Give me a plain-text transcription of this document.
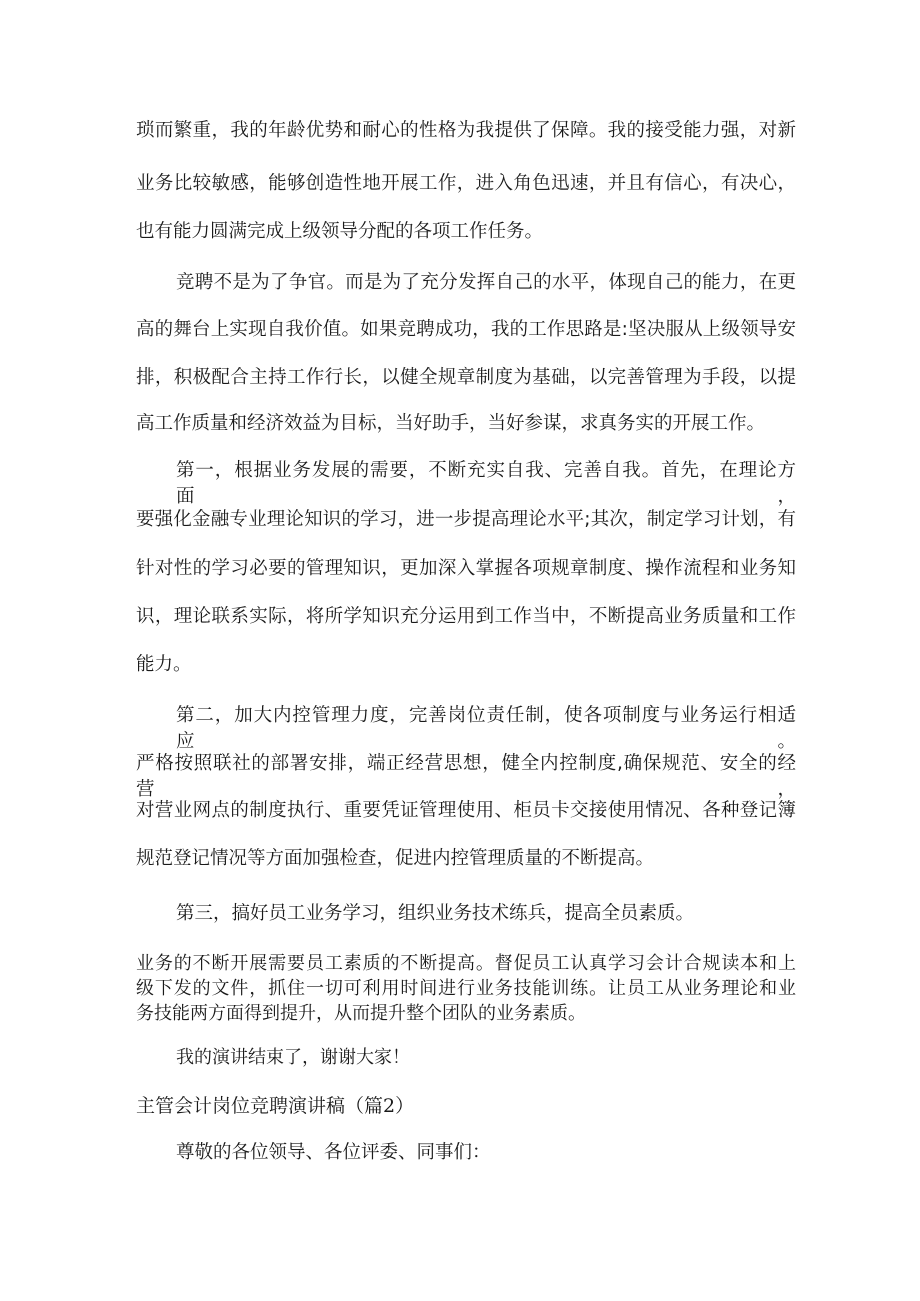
琐而繁重，我的年龄优势和耐心的性格为我提供了保障。我的接受能力强，对新
业务比较敏感，能够创造性地开展工作，进入角色迅速，并且有信心，有决心，
也有能力圆满完成上级领导分配的各项工作任务。
竞聘不是为了争官。而是为了充分发挥自己的水平，体现自己的能力，在更
高的舞台上实现自我价值。如果竞聘成功，我的工作思路是:坚决服从上级领导安
排，积极配合主持工作行长，以健全规章制度为基础，以完善管理为手段，以提
高工作质量和经济效益为目标，当好助手，当好参谋，求真务实的开展工作。
第一，根据业务发展的需要，不断充实自我、完善自我。首先，在理论方面，
要强化金融专业理论知识的学习，进一步提高理论水平;其次，制定学习计划，有
针对性的学习必要的管理知识，更加深入掌握各项规章制度、操作流程和业务知
识，理论联系实际，将所学知识充分运用到工作当中，不断提高业务质量和工作
能力。
第二，加大内控管理力度，完善岗位责任制，使各项制度与业务运行相适应。
严格按照联社的部署安排，端正经营思想，健全内控制度,确保规范、安全的经营，
对营业网点的制度执行、重要凭证管理使用、柜员卡交接使用情况、各种登记簿
规范登记情况等方面加强检查，促进内控管理质量的不断提高。
第三，搞好员工业务学习，组织业务技术练兵，提高全员素质。
业务的不断开展需要员工素质的不断提高。督促员工认真学习会计合规读本和上
级下发的文件，抓住一切可利用时间进行业务技能训练。让员工从业务理论和业
务技能两方面得到提升，从而提升整个团队的业务素质。
我的演讲结束了，谢谢大家！
主管会计岗位竞聘演讲稿（篇2）
尊敬的各位领导、各位评委、同事们：
